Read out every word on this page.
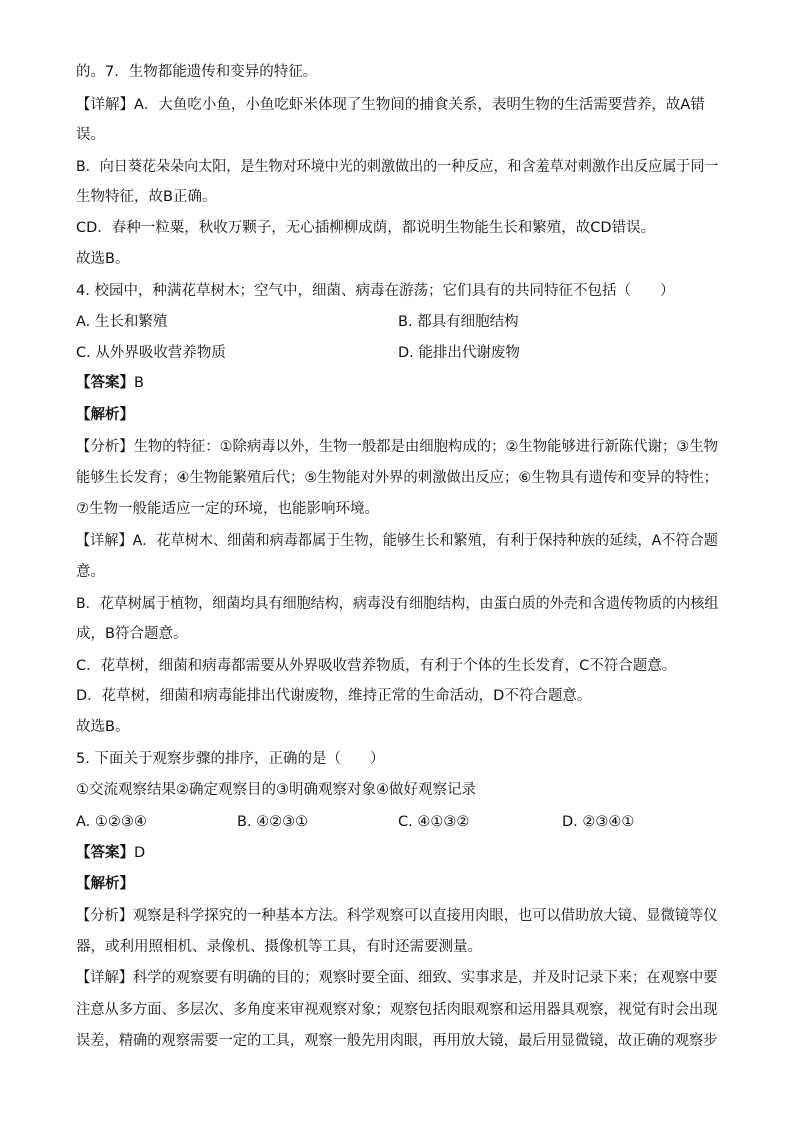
的。7．生物都能遗传和变异的特征。
【详解】A．大鱼吃小鱼，小鱼吃虾米体现了生物间的捕食关系，表明生物的生活需要营养，故A错
误。
B．向日葵花朵朵向太阳，是生物对环境中光的刺激做出的一种反应，和含羞草对刺激作出反应属于同一
生物特征，故B正确。
CD．春种一粒粟，秋收万颗子，无心插柳柳成荫，都说明生物能生长和繁殖，故CD错误。
故选B。
4. 校园中，种满花草树木；空气中，细菌、病毒在游荡；它们具有的共同特征不包括（　　）
A. 生长和繁殖	B. 都具有细胞结构
C. 从外界吸收营养物质	D. 能排出代谢废物
【答案】B
【解析】
【分析】生物的特征：①除病毒以外，生物一般都是由细胞构成的；②生物能够进行新陈代谢；③生物
能够生长发育；④生物能繁殖后代；⑤生物能对外界的刺激做出反应；⑥生物具有遗传和变异的特性；
⑦生物一般能适应一定的环境，也能影响环境。
【详解】A．花草树木、细菌和病毒都属于生物，能够生长和繁殖，有利于保持种族的延续，A不符合题
意。
B．花草树属于植物，细菌均具有细胞结构，病毒没有细胞结构，由蛋白质的外壳和含遗传物质的内核组
成，B符合题意。
C．花草树，细菌和病毒都需要从外界吸收营养物质，有利于个体的生长发育，C不符合题意。
D．花草树，细菌和病毒能排出代谢废物，维持正常的生命活动，D不符合题意。
故选B。
5. 下面关于观察步骤的排序，正确的是（　　）
①交流观察结果②确定观察目的③明确观察对象④做好观察记录
A. ①②③④	B. ④②③①	C. ④①③②	D. ②③④①
【答案】D
【解析】
【分析】观察是科学探究的一种基本方法。科学观察可以直接用肉眼，也可以借助放大镜、显微镜等仪
器，或利用照相机、录像机、摄像机等工具，有时还需要测量。
【详解】科学的观察要有明确的目的；观察时要全面、细致、实事求是，并及时记录下来；在观察中要
注意从多方面、多层次、多角度来审视观察对象；观察包括肉眼观察和运用器具观察，视觉有时会出现
误差，精确的观察需要一定的工具，观察一般先用肉眼，再用放大镜，最后用显微镜，故正确的观察步
